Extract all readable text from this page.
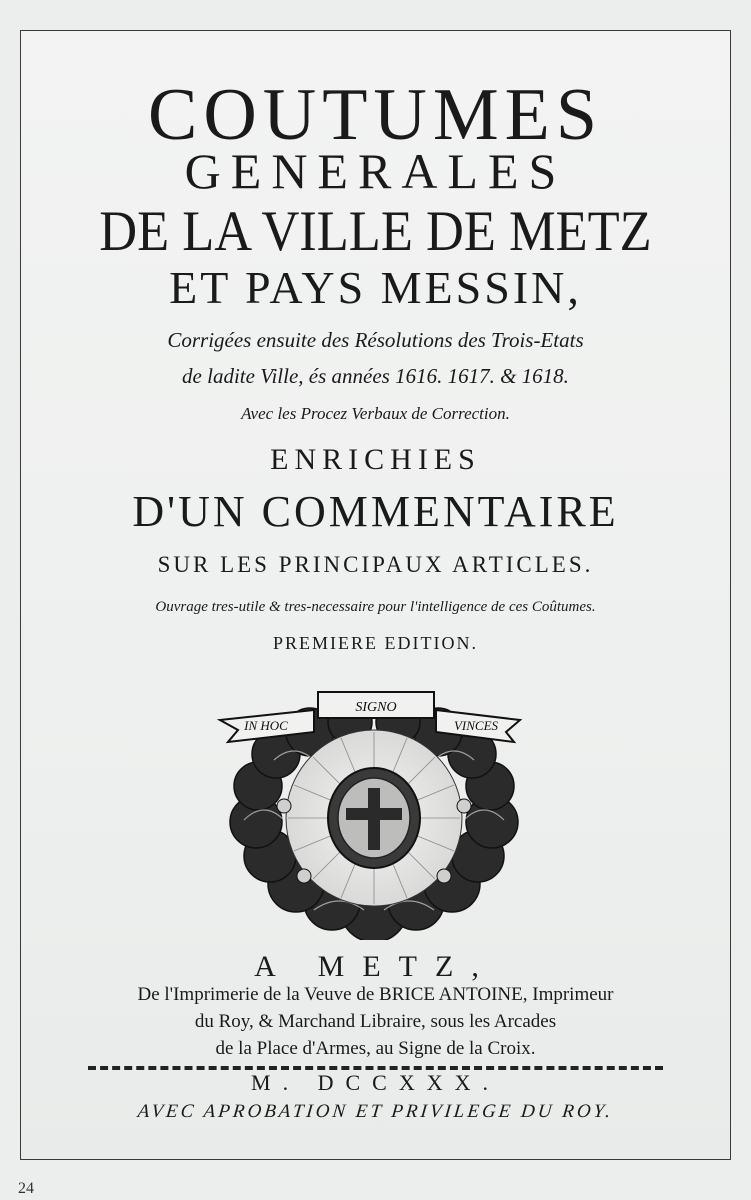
COUTUMES

GENERALES

DE LA VILLE DE METZ

ET PAYS MESSIN,

Corrigées ensuite des Résolutions des Trois-Etats

de ladite Ville, és années 1616. 1617. & 1618.

Avec les Procez Verbaux de Correction.

ENRICHIES

D'UN COMMENTAIRE

SUR LES PRINCIPAUX ARTICLES.

Ouvrage tres-utile & tres-necessaire pour l'intelligence de ces Coûtumes.

PREMIERE EDITION.

IN HOC
SIGNO
VINCES

A METZ,

De l'Imprimerie de la Veuve de BRICE ANTOINE, Imprimeur

du Roy, & Marchand Libraire, sous les Arcades

de la Place d'Armes, au Signe de la Croix.

M. DCCXXX.

AVEC APROBATION ET PRIVILEGE DU ROY.

24
